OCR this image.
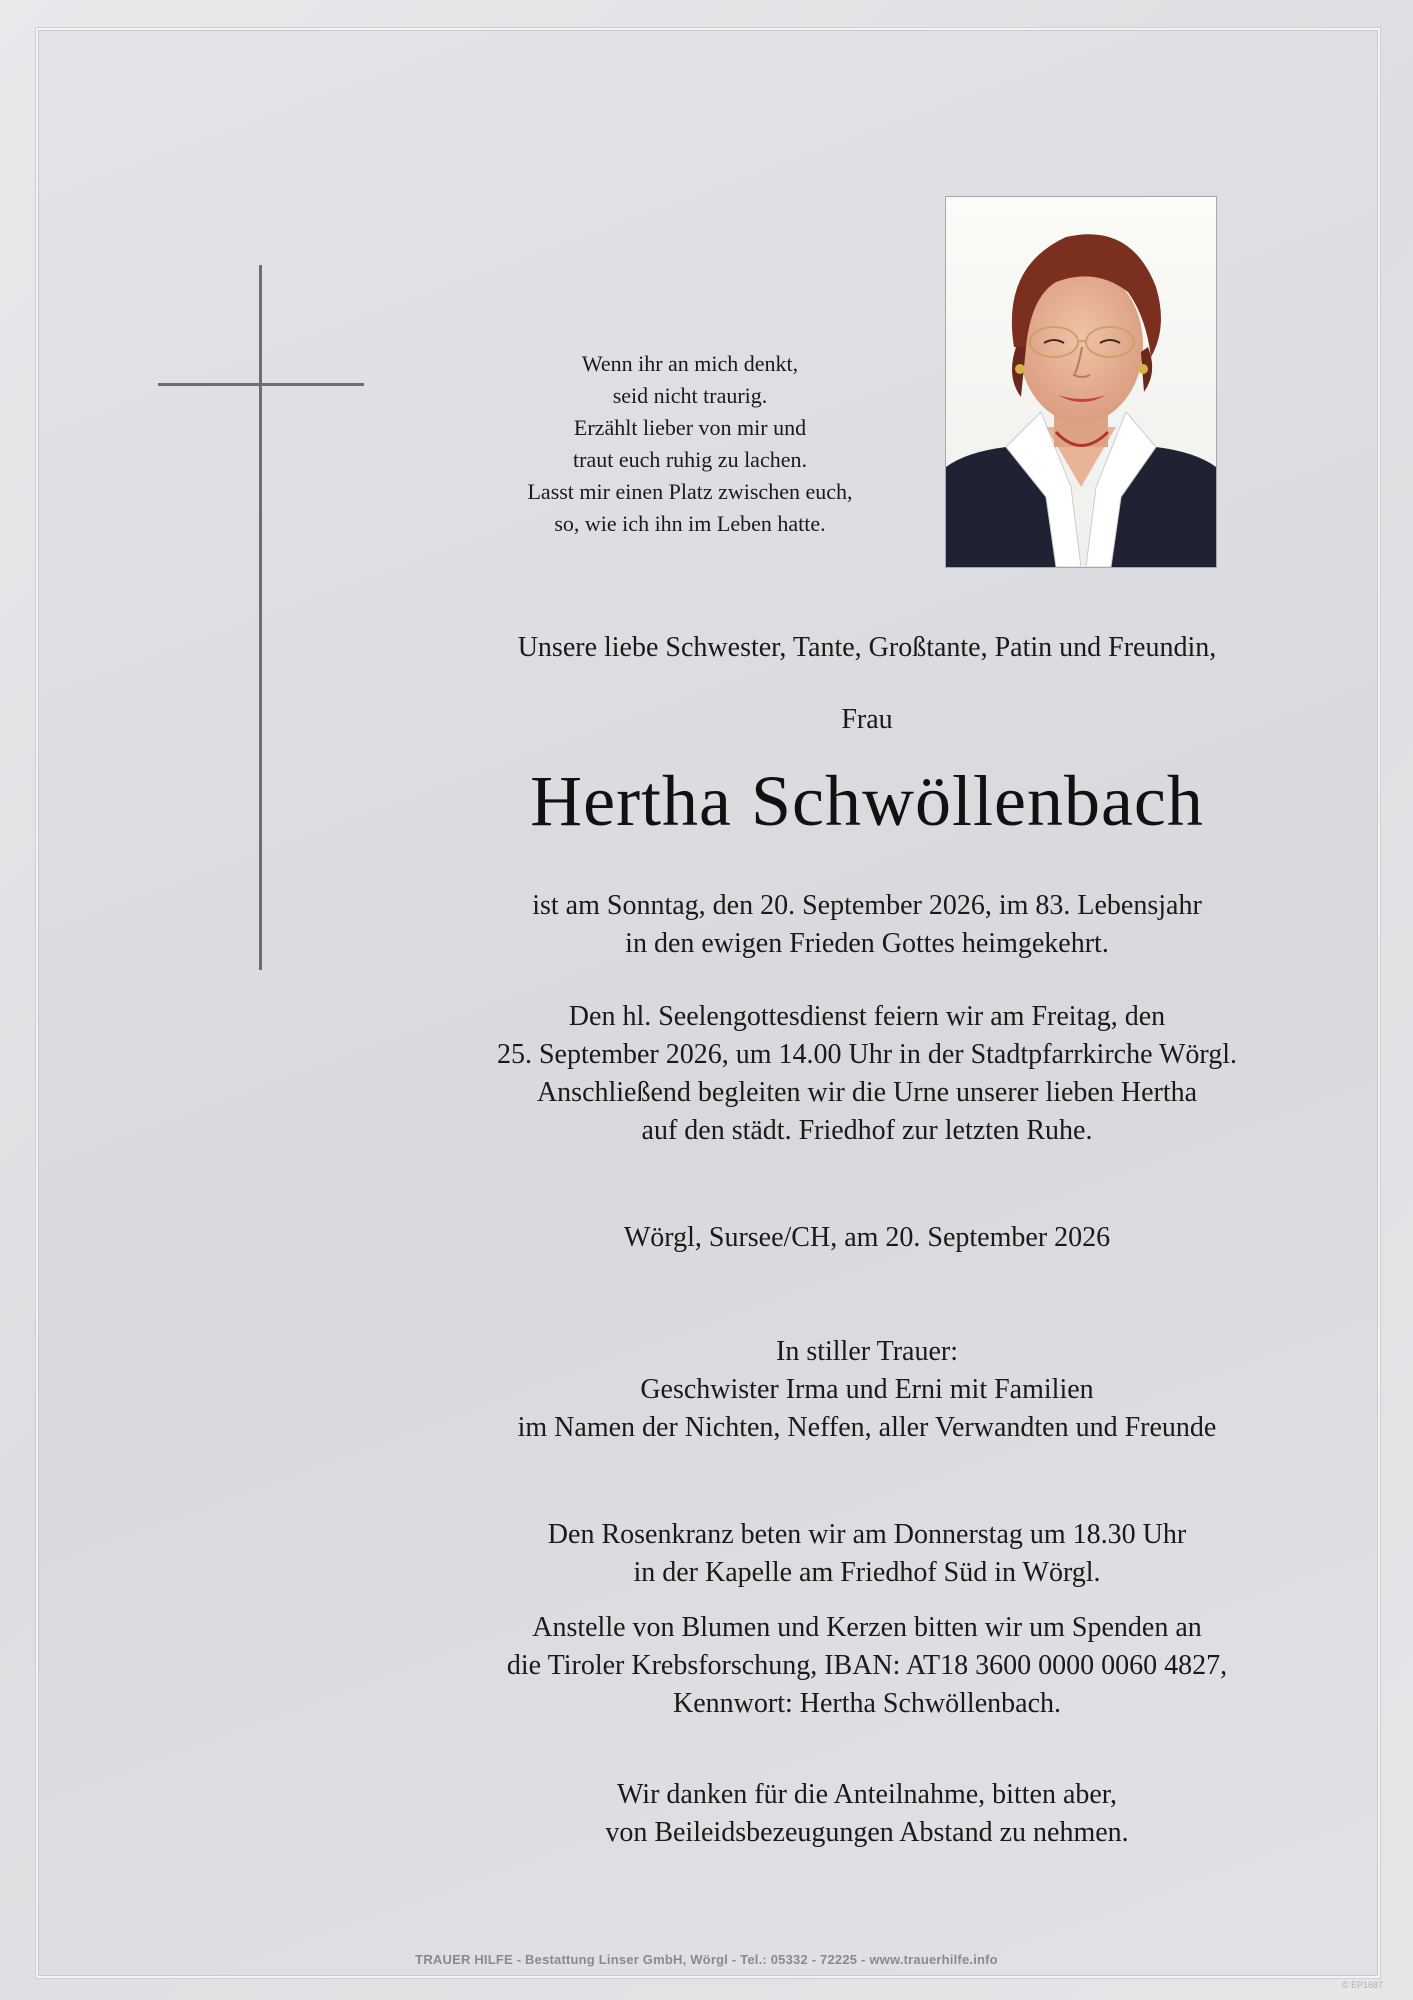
Wenn ihr an mich denkt,
seid nicht traurig.
Erzählt lieber von mir und
traut euch ruhig zu lachen.
Lasst mir einen Platz zwischen euch,
so, wie ich ihn im Leben hatte.
Unsere liebe Schwester, Tante, Großtante, Patin und Freundin,
Frau
Hertha Schwöllenbach
ist am Sonntag, den 20. September 2026, im 83. Lebensjahr
in den ewigen Frieden Gottes heimgekehrt.
Den hl. Seelengottesdienst feiern wir am Freitag, den
25. September 2026, um 14.00 Uhr in der Stadtpfarrkirche Wörgl.
Anschließend begleiten wir die Urne unserer lieben Hertha
auf den städt. Friedhof zur letzten Ruhe.
Wörgl, Sursee/CH, am 20. September 2026
In stiller Trauer:
Geschwister Irma und Erni mit Familien
im Namen der Nichten, Neffen, aller Verwandten und Freunde
Den Rosenkranz beten wir am Donnerstag um 18.30 Uhr
in der Kapelle am Friedhof Süd in Wörgl.
Anstelle von Blumen und Kerzen bitten wir um Spenden an
die Tiroler Krebsforschung, IBAN: AT18 3600 0000 0060 4827,
Kennwort: Hertha Schwöllenbach.
Wir danken für die Anteilnahme, bitten aber,
von Beileidsbezeugungen Abstand zu nehmen.
TRAUER HILFE - Bestattung Linser GmbH, Wörgl - Tel.: 05332 - 72225 - www.trauerhilfe.info
© EP1687
